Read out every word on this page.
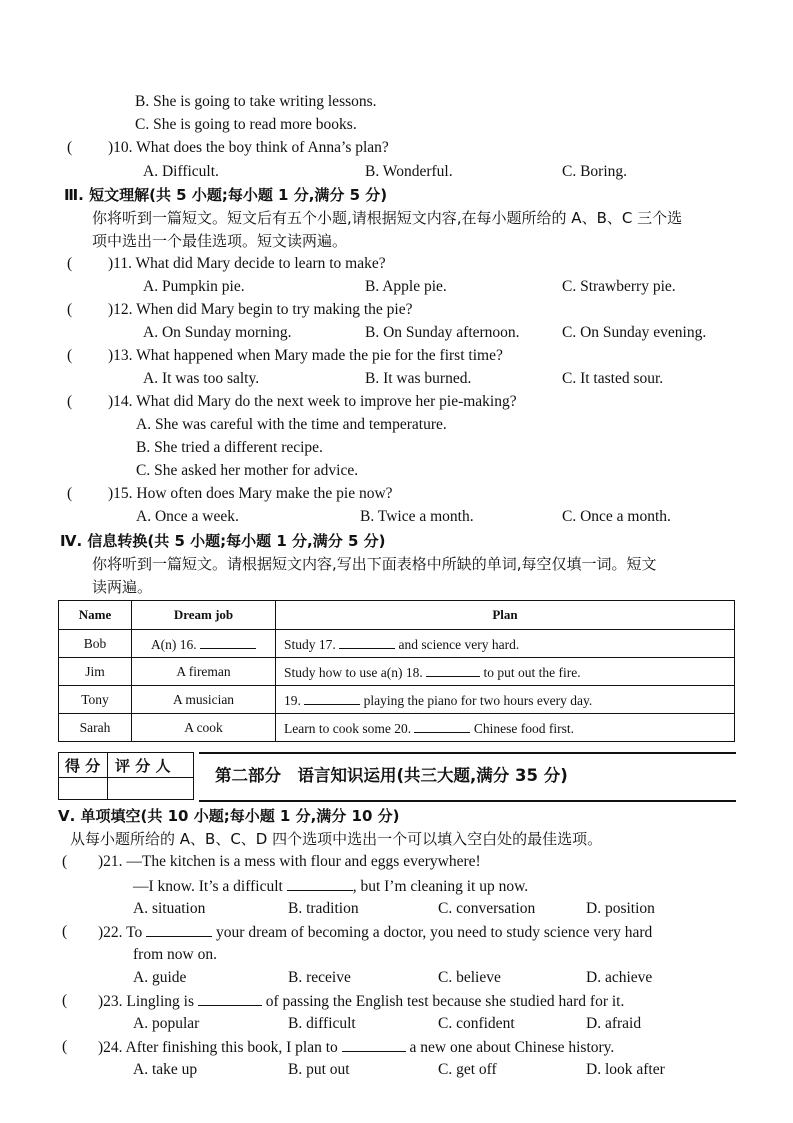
B. She is going to take writing lessons.
C. She is going to read more books.
( )10. What does the boy think of Anna’s plan?
A. Difficult.	B. Wonderful.	C. Boring.
Ⅲ. 短文理解(共 5 小题;每小题 1 分,满分 5 分)
你将听到一篇短文。短文后有五个小题,请根据短文内容,在每小题所给的 A、B、C 三个选
项中选出一个最佳选项。短文读两遍。
( )11. What did Mary decide to learn to make?
A. Pumpkin pie.	B. Apple pie.	C. Strawberry pie.
( )12. When did Mary begin to try making the pie?
A. On Sunday morning.	B. On Sunday afternoon.	C. On Sunday evening.
( )13. What happened when Mary made the pie for the first time?
A. It was too salty.	B. It was burned.	C. It tasted sour.
( )14. What did Mary do the next week to improve her pie-making?
A. She was careful with the time and temperature.
B. She tried a different recipe.
C. She asked her mother for advice.
( )15. How often does Mary make the pie now?
A. Once a week.	B. Twice a month.	C. Once a month.
Ⅳ. 信息转换(共 5 小题;每小题 1 分,满分 5 分)
你将听到一篇短文。请根据短文内容,写出下面表格中所缺的单词,每空仅填一词。短文
读两遍。
Name	Dream job	Plan
Bob	A(n) 16.	Study 17. and science very hard.
Jim	A fireman	Study how to use a(n) 18. to put out the fire.
Tony	A musician	19. playing the piano for two hours every day.
Sarah	A cook	Learn to cook some 20. Chinese food first.
得 分 评 分 人	第二部分　语言知识运用(共三大题,满分 35 分)
Ⅴ. 单项填空(共 10 小题;每小题 1 分,满分 10 分)
从每小题所给的 A、B、C、D 四个选项中选出一个可以填入空白处的最佳选项。
( )21. —The kitchen is a mess with flour and eggs everywhere!
—I know. It’s a difficult	, but I’m cleaning it up now.
A. situation	B. tradition	C. conversation	D. position
( )22. To	your dream of becoming a doctor, you need to study science very hard
from now on.
A. guide	B. receive	C. believe	D. achieve
( )23. Lingling is	of passing the English test because she studied hard for it.
A. popular	B. difficult	C. confident	D. afraid
( )24. After finishing this book, I plan to	a new one about Chinese history.
A. take up	B. put out	C. get off	D. look after
